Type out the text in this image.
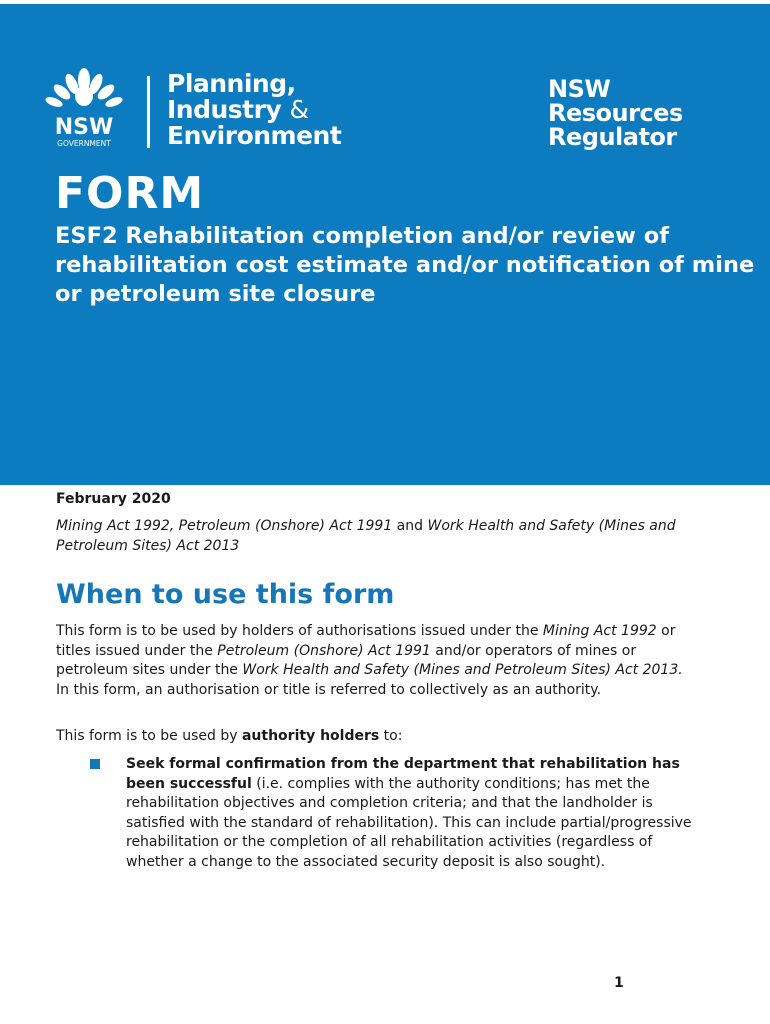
NSW
GOVERNMENT
Planning,
Industry &
Environment
NSW
Resources
Regulator
FORM
ESF2 Rehabilitation completion and/or review of rehabilitation cost estimate and/or notification of mine or petroleum site closure
February 2020
Mining Act 1992, Petroleum (Onshore) Act 1991 and Work Health and Safety (Mines and Petroleum Sites) Act 2013
When to use this form
This form is to be used by holders of authorisations issued under the Mining Act 1992 or titles issued under the Petroleum (Onshore) Act 1991 and/or operators of mines or petroleum sites under the Work Health and Safety (Mines and Petroleum Sites) Act 2013. In this form, an authorisation or title is referred to collectively as an authority.
This form is to be used by authority holders to:
Seek formal confirmation from the department that rehabilitation has been successful (i.e. complies with the authority conditions; has met the rehabilitation objectives and completion criteria; and that the landholder is satisfied with the standard of rehabilitation). This can include partial/progressive rehabilitation or the completion of all rehabilitation activities (regardless of whether a change to the associated security deposit is also sought).
1
